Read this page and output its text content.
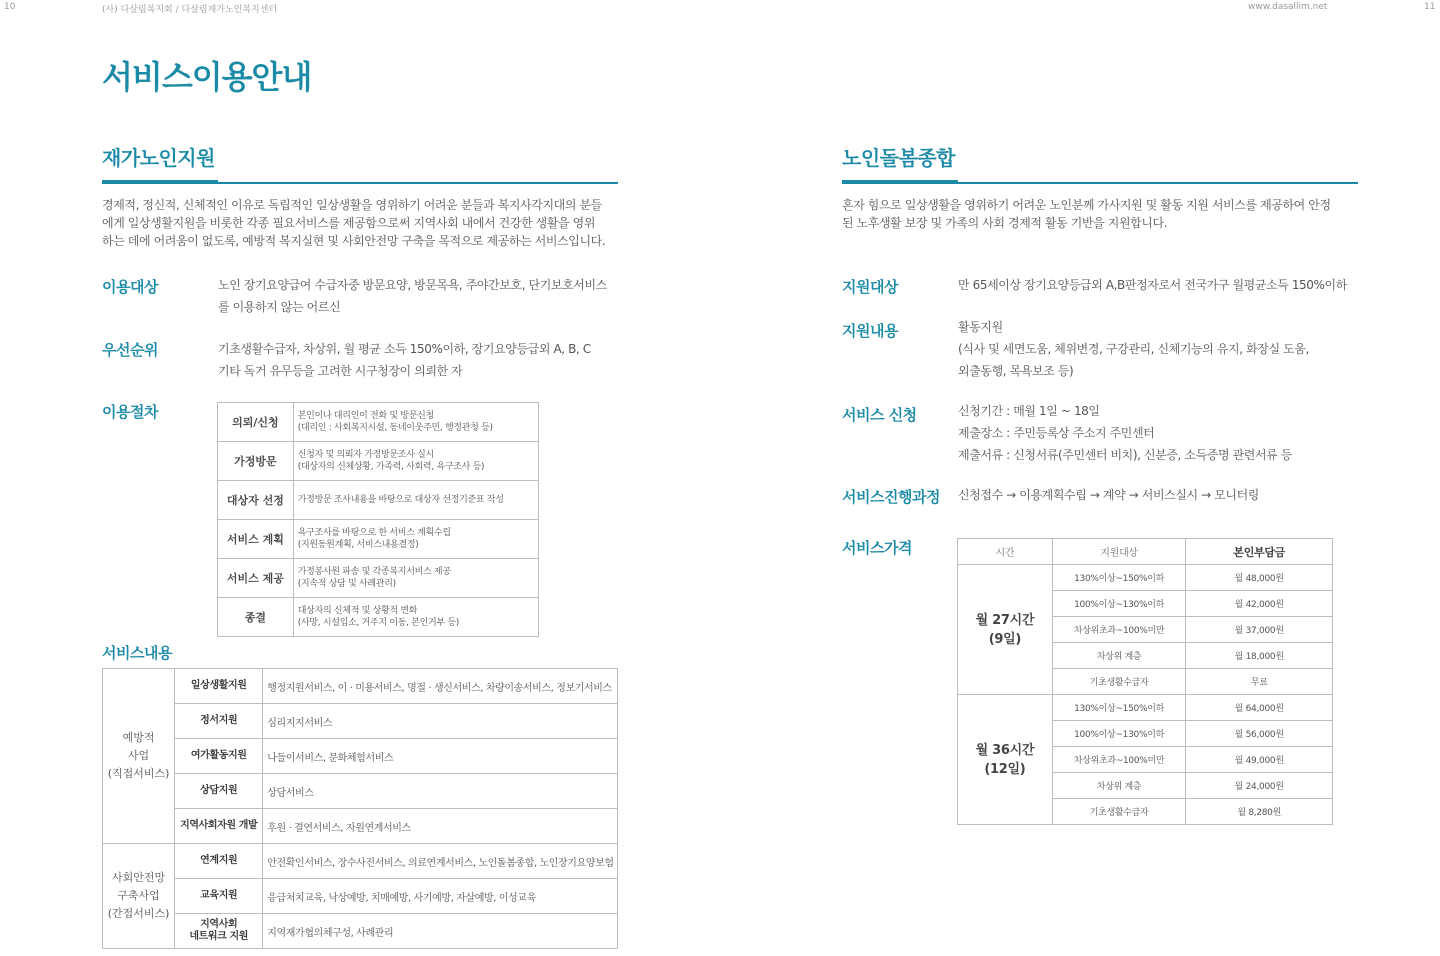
10	(사) 다살림복지회 / 다살림재가노인복지센터	www.dasallim.net	11
서비스이용안내
재가노인지원
경제적, 정신적, 신체적인 이유로 독립적인 일상생활을 영위하기 어려운 분들과 복지사각지대의 분들
에게 일상생활지원을 비롯한 각종 필요서비스를 제공함으로써 지역사회 내에서 건강한 생활을 영위
하는 데에 어려움이 없도록, 예방적 복지실현 및 사회안전망 구축을 목적으로 제공하는 서비스입니다.
이용대상	노인 장기요양급여 수급자중 방문요양, 방문목욕, 주야간보호, 단기보호서비스
를 이용하지 않는 어르신
우선순위	기초생활수급자, 차상위, 월 평균 소득 150%이하, 장기요양등급외 A, B, C
기타 독거 유무등을 고려한 시구청장이 의뢰한 자
이용절차
의뢰/신청	본인이나 대리인이 전화 및 방문신청
(대리인 : 사회복지시설, 동네이웃주민, 행정관청 등)

가정방문	신청자 및 의뢰자 가정방문조사 실시
(대상자의 신체상황, 가족력, 사회력, 욕구조사 등)

대상자 선정	가정방문 조사내용을 바탕으로 대상자 선정기준표 작성

서비스 계획	욕구조사를 바탕으로 한 서비스 계획수립
(지원동원계획, 서비스내용결정)

서비스 제공	가정봉사원 파송 및 각종복지서비스 제공
(지속적 상담 및 사례관리)

종결	대상자의 신체적 및 상황적 변화
(사망, 시설입소, 거주지 이동, 본인거부 등)
서비스내용
예방적
사업
(직접서비스)	일상생활지원	행정지원서비스, 이 · 미용서비스, 명절 · 생신서비스, 차량이송서비스, 정보기서비스
	정서지원	심리지지서비스
	여가활동지원	나들이서비스, 문화체험서비스
	상담지원	상담서비스
	지역사회자원 개발	후원 · 결연서비스, 자원연계서비스

사회안전망
구축사업
(간접서비스)	연계지원	안전확인서비스, 장수사진서비스, 의료연계서비스, 노인돌봄종합, 노인장기요양보험
	교육지원	응급처치교육, 낙상예방, 치매예방, 사기예방, 자살예방, 이성교육
	지역사회
네트워크 지원	지역재가협의체구성, 사례관리
노인돌봄종합
혼자 힘으로 일상생활을 영위하기 어려운 노인분께 가사지원 및 활동 지원 서비스를 제공하여 안정
된 노후생활 보장 및 가족의 사회 경제적 활동 기반을 지원합니다.
지원대상	만 65세이상 장기요양등급외 A,B판정자로서 전국가구 월평균소득 150%이하
지원내용	활동지원
(식사 및 세면도움, 체위변경, 구강관리, 신체기능의 유지, 화장실 도움,
외출동행, 목욕보조 등)
서비스 신청	신청기간 : 매월 1일 ~ 18일
제출장소 : 주민등록상 주소지 주민센터
제출서류 : 신청서류(주민센터 비치), 신분증, 소득증명 관련서류 등
서비스진행과정 신청접수 → 이용계획수립 → 계약 → 서비스실시 → 모니터링
서비스가격	시간	지원대상	본인부담금

월 27시간
(9일)	130%이상~150%이하	월 48,000원
	100%이상~130%이하	월 42,000원
	차상위초과~100%미만	월 37,000원
	차상위 계층	월 18,000원
	기초생활수급자	무료

월 36시간
(12일)	130%이상~150%이하	월 64,000원
	100%이상~130%이하	월 56,000원
	차상위초과~100%미만	월 49,000원
	차상위 계층	월 24,000원
	기초생활수급자	월 8,280원
